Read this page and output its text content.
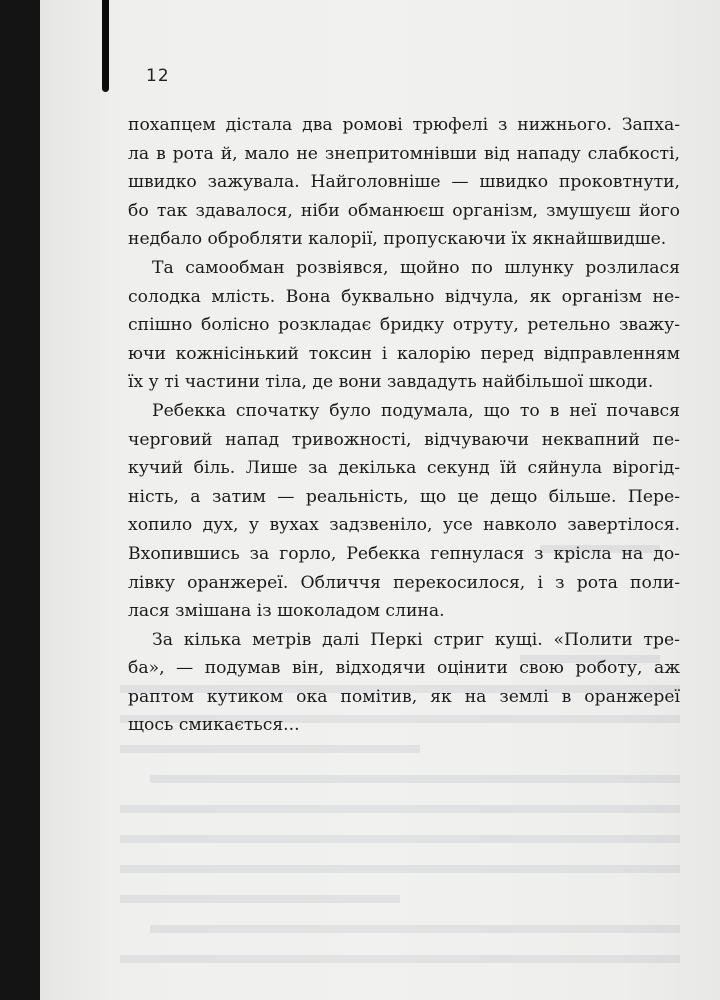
12

похапцем дістала два ромові трюфелі з нижнього. Запха-
ла в рота й, мало не знепритомнівши від нападу слабкості,
швидко зажувала. Найголовніше — швидко проковтнути,
бо так здавалося, ніби обманюєш організм, змушуєш його
недбало обробляти калорії, пропускаючи їх якнайшвидше.

Та самообман розвіявся, щойно по шлунку розлилася
солодка млість. Вона буквально відчула, як організм не-
спішно болісно розкладає бридку отруту, ретельно зважу-
ючи кожнісінький токсин і калорію перед відправленням
їх у ті частини тіла, де вони завдадуть найбільшої шкоди.

Ребекка спочатку було подумала, що то в неї почався
черговий напад тривожності, відчуваючи неквапний пе-
кучий біль. Лише за декілька секунд їй сяйнула вірогід-
ність, а затим — реальність, що це дещо більше. Пере-
хопило дух, у вухах задзвеніло, усе навколо завертілося.
Вхопившись за горло, Ребекка гепнулася з крісла на до-
лівку оранжереї. Обличчя перекосилося, і з рота поли-
лася змішана із шоколадом слина.

За кілька метрів далі Перкі стриг кущі. «Полити тре-
ба», — подумав він, відходячи оцінити свою роботу, аж
раптом кутиком ока помітив, як на землі в оранжереї
щось смикається...
